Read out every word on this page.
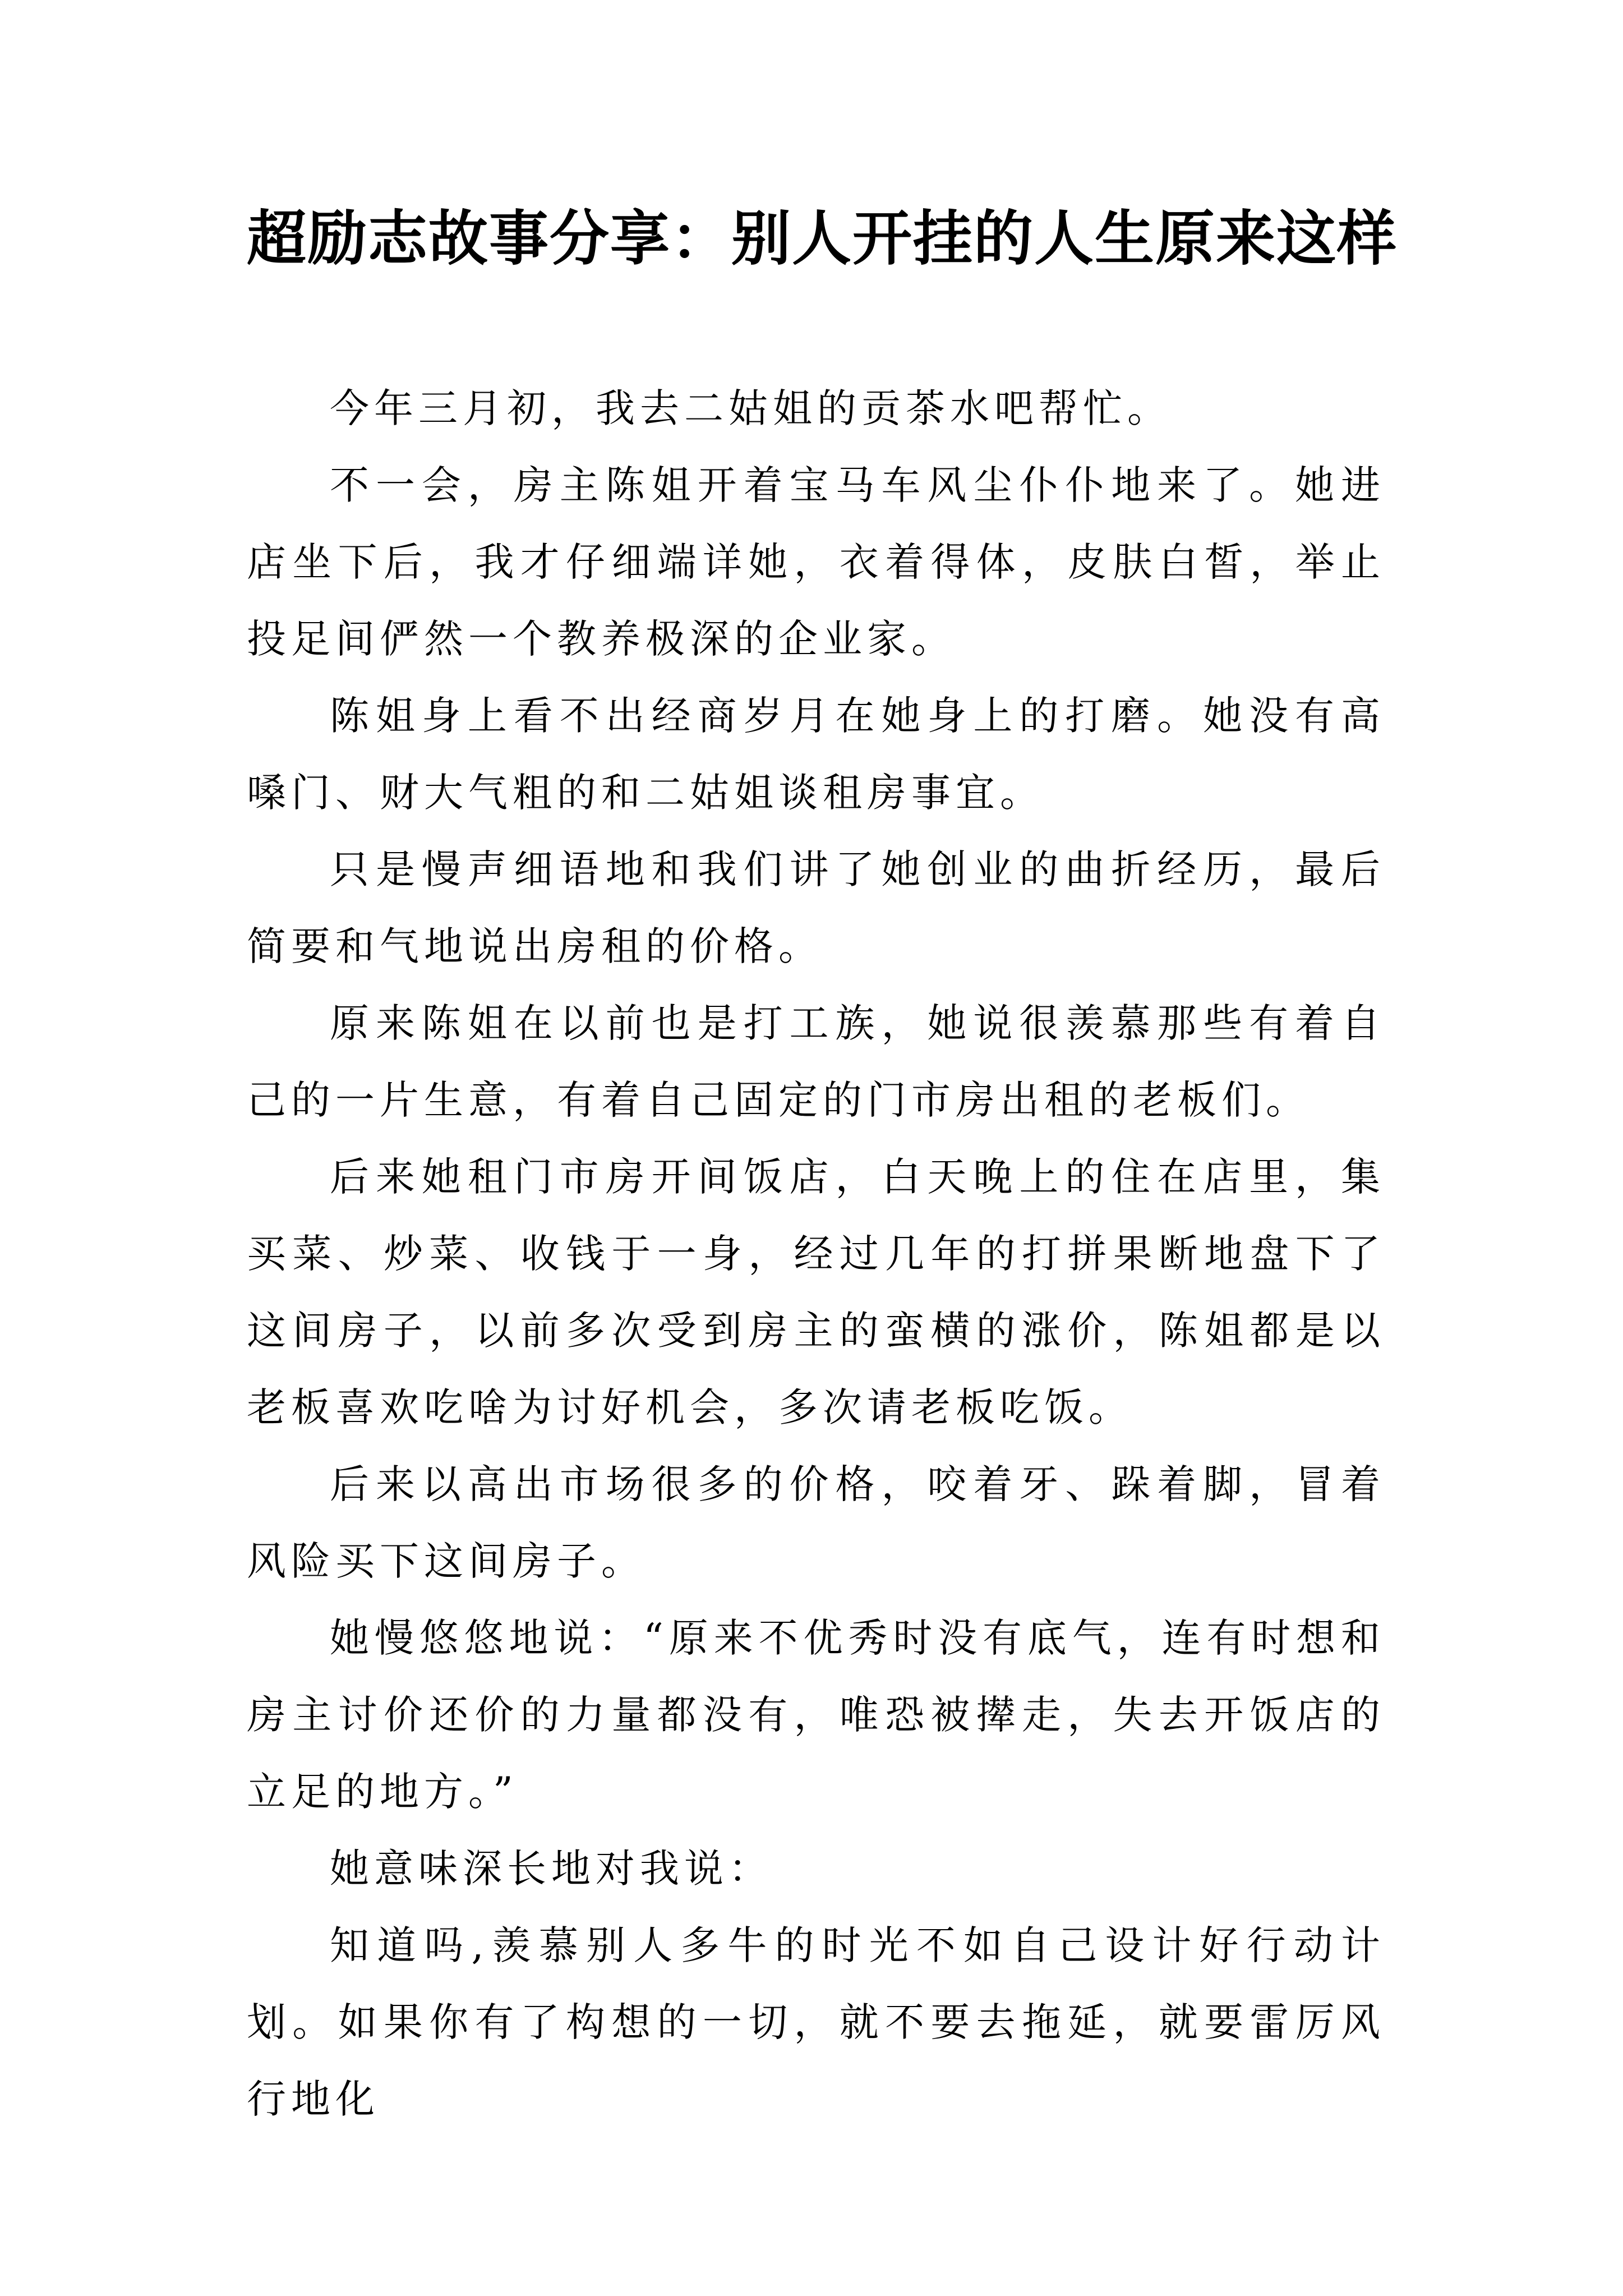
超励志故事分享：别人开挂的人生原来这样

今年三月初，我去二姑姐的贡茶水吧帮忙。

不一会，房主陈姐开着宝马车风尘仆仆地来了。她进店坐下后，我才仔细端详她，衣着得体，皮肤白皙，举止投足间俨然一个教养极深的企业家。

陈姐身上看不出经商岁月在她身上的打磨。她没有高嗓门、财大气粗的和二姑姐谈租房事宜。

只是慢声细语地和我们讲了她创业的曲折经历，最后简要和气地说出房租的价格。

原来陈姐在以前也是打工族，她说很羡慕那些有着自己的一片生意，有着自己固定的门市房出租的老板们。

后来她租门市房开间饭店，白天晚上的住在店里，集买菜、炒菜、收钱于一身，经过几年的打拼果断地盘下了这间房子，以前多次受到房主的蛮横的涨价，陈姐都是以老板喜欢吃啥为讨好机会，多次请老板吃饭。

后来以高出市场很多的价格，咬着牙、跺着脚，冒着风险买下这间房子。

她慢悠悠地说：“原来不优秀时没有底气，连有时想和房主讨价还价的力量都没有，唯恐被撵走，失去开饭店的立足的地方。”

她意味深长地对我说：

知道吗,羡慕别人多牛的时光不如自己设计好行动计划。如果你有了构想的一切，就不要去拖延，就要雷厉风行地化
